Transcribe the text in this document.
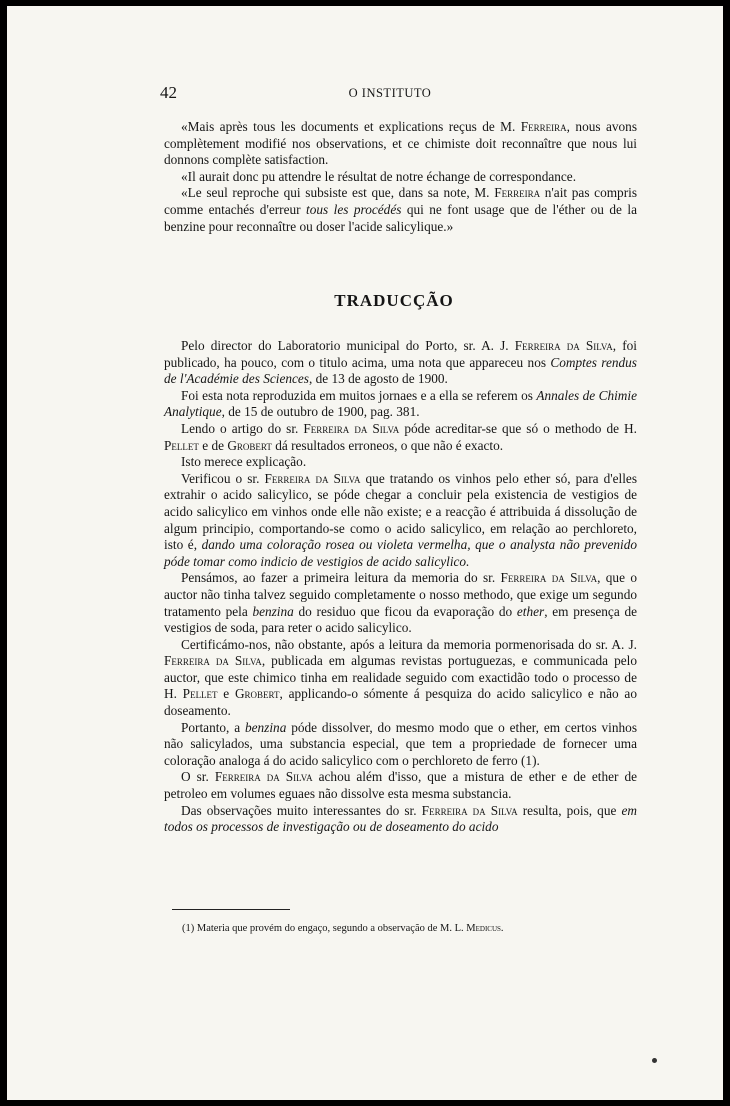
42	O INSTITUTO

«Mais après tous les documents et explications reçus de M. Ferreira, nous avons complètement modifié nos observations, et ce chimiste doit reconnaître que nous lui donnons complète satisfaction.

«Il aurait donc pu attendre le résultat de notre échange de correspondance.

«Le seul reproche qui subsiste est que, dans sa note, M. Ferreira n'ait pas compris comme entachés d'erreur tous les procédés qui ne font usage que de l'éther ou de la benzine pour reconnaître ou doser l'acide salicylique.»

TRADUCÇÃO

Pelo director do Laboratorio municipal do Porto, sr. A. J. Ferreira da Silva, foi publicado, ha pouco, com o titulo acima, uma nota que appareceu nos Comptes rendus de l'Académie des Sciences, de 13 de agosto de 1900.

Foi esta nota reproduzida em muitos jornaes e a ella se referem os Annales de Chimie Analytique, de 15 de outubro de 1900, pag. 381.

Lendo o artigo do sr. Ferreira da Silva póde acreditar-se que só o methodo de H. Pellet e de Grobert dá resultados erroneos, o que não é exacto.

Isto merece explicação.

Verificou o sr. Ferreira da Silva que tratando os vinhos pelo ether só, para d'elles extrahir o acido salicylico, se póde chegar a concluir pela existencia de vestigios de acido salicylico em vinhos onde elle não existe; e a reacção é attribuida á dissolução de algum principio, comportando-se como o acido salicylico, em relação ao perchloreto, isto é, dando uma coloração rosea ou violeta vermelha, que o analysta não prevenido póde tomar como indicio de vestigios de acido salicylico.

Pensámos, ao fazer a primeira leitura da memoria do sr. Ferreira da Silva, que o auctor não tinha talvez seguido completamente o nosso methodo, que exige um segundo tratamento pela benzina do residuo que ficou da evaporação do ether, em presença de vestigios de soda, para reter o acido salicylico.

Certificámo-nos, não obstante, após a leitura da memoria pormenorisada do sr. A. J. Ferreira da Silva, publicada em algumas revistas portuguezas, e communicada pelo auctor, que este chimico tinha em realidade seguido com exactidão todo o processo de H. Pellet e Grobert, applicando-o sómente á pesquiza do acido salicylico e não ao doseamento.

Portanto, a benzina póde dissolver, do mesmo modo que o ether, em certos vinhos não salicylados, uma substancia especial, que tem a propriedade de fornecer uma coloração analoga á do acido salicylico com o perchloreto de ferro (1).

O sr. Ferreira da Silva achou além d'isso, que a mistura de ether e de ether de petroleo em volumes eguaes não dissolve esta mesma substancia.

Das observações muito interessantes do sr. Ferreira da Silva resulta, pois, que em todos os processos de investigação ou de doseamento do acido

(1) Materia que provém do engaço, segundo a observação de M. L. Medicus.
